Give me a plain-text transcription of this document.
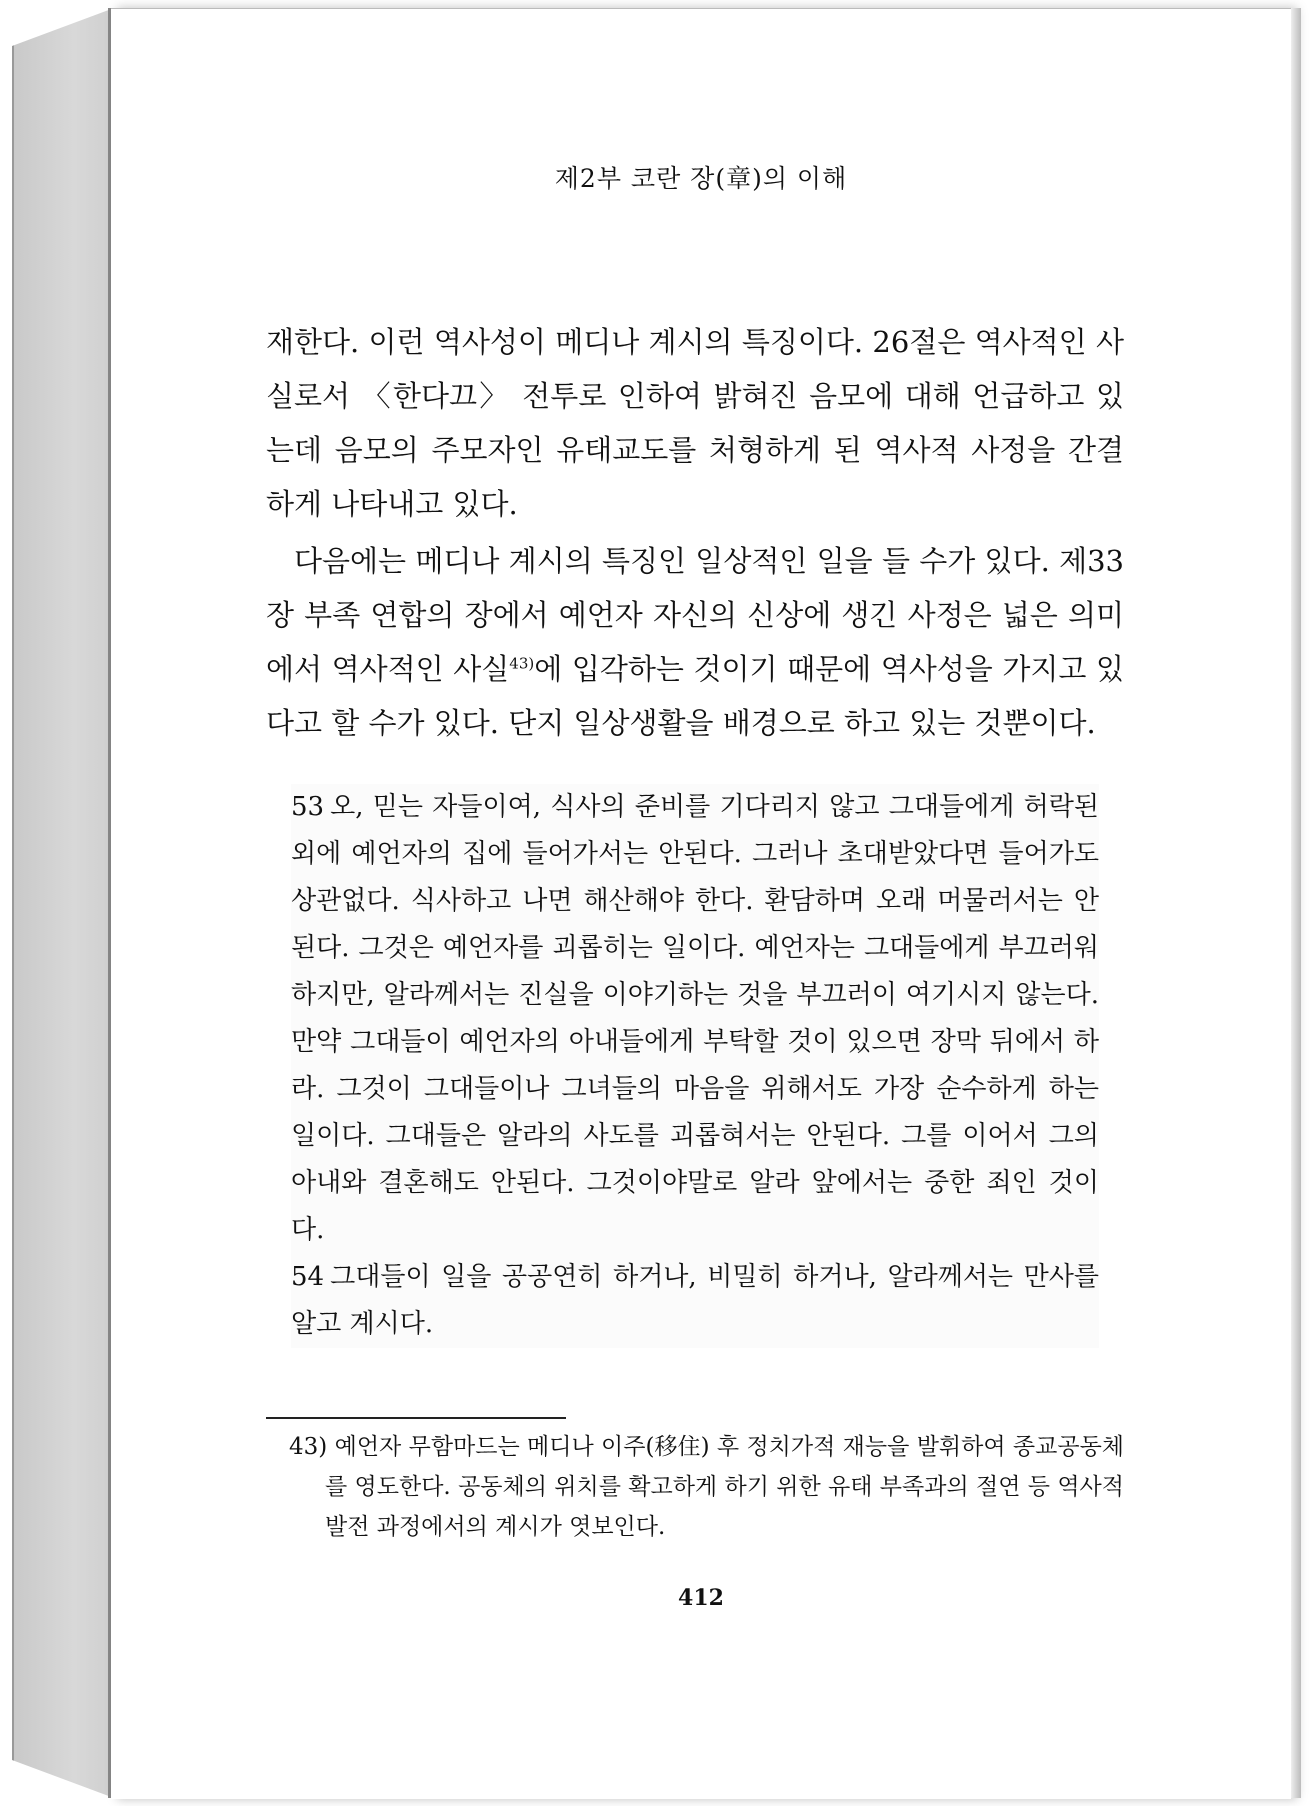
제2부 코란 장(章)의 이해

재한다. 이런 역사성이 메디나 계시의 특징이다. 26절은 역사적인 사실로서 〈한다끄〉 전투로 인하여 밝혀진 음모에 대해 언급하고 있는데 음모의 주모자인 유태교도를 처형하게 된 역사적 사정을 간결하게 나타내고 있다.

다음에는 메디나 계시의 특징인 일상적인 일을 들 수가 있다. 제33장 부족 연합의 장에서 예언자 자신의 신상에 생긴 사정은 넓은 의미에서 역사적인 사실$^{43)}$에 입각하는 것이기 때문에 역사성을 가지고 있다고 할 수가 있다. 단지 일상생활을 배경으로 하고 있는 것뿐이다.

53 오, 믿는 자들이여, 식사의 준비를 기다리지 않고 그대들에게 허락된 외에 예언자의 집에 들어가서는 안된다. 그러나 초대받았다면 들어가도 상관없다. 식사하고 나면 해산해야 한다. 환담하며 오래 머물러서는 안된다. 그것은 예언자를 괴롭히는 일이다. 예언자는 그대들에게 부끄러워하지만, 알라께서는 진실을 이야기하는 것을 부끄러이 여기시지 않는다. 만약 그대들이 예언자의 아내들에게 부탁할 것이 있으면 장막 뒤에서 하라. 그것이 그대들이나 그녀들의 마음을 위해서도 가장 순수하게 하는 일이다. 그대들은 알라의 사도를 괴롭혀서는 안된다. 그를 이어서 그의 아내와 결혼해도 안된다. 그것이야말로 알라 앞에서는 중한 죄인 것이다.

54 그대들이 일을 공공연히 하거나, 비밀히 하거나, 알라께서는 만사를 알고 계시다.

43) 예언자 무함마드는 메디나 이주(移住) 후 정치가적 재능을 발휘하여 종교공동체를 영도한다. 공동체의 위치를 확고하게 하기 위한 유태 부족과의 절연 등 역사적 발전 과정에서의 계시가 엿보인다.
412
